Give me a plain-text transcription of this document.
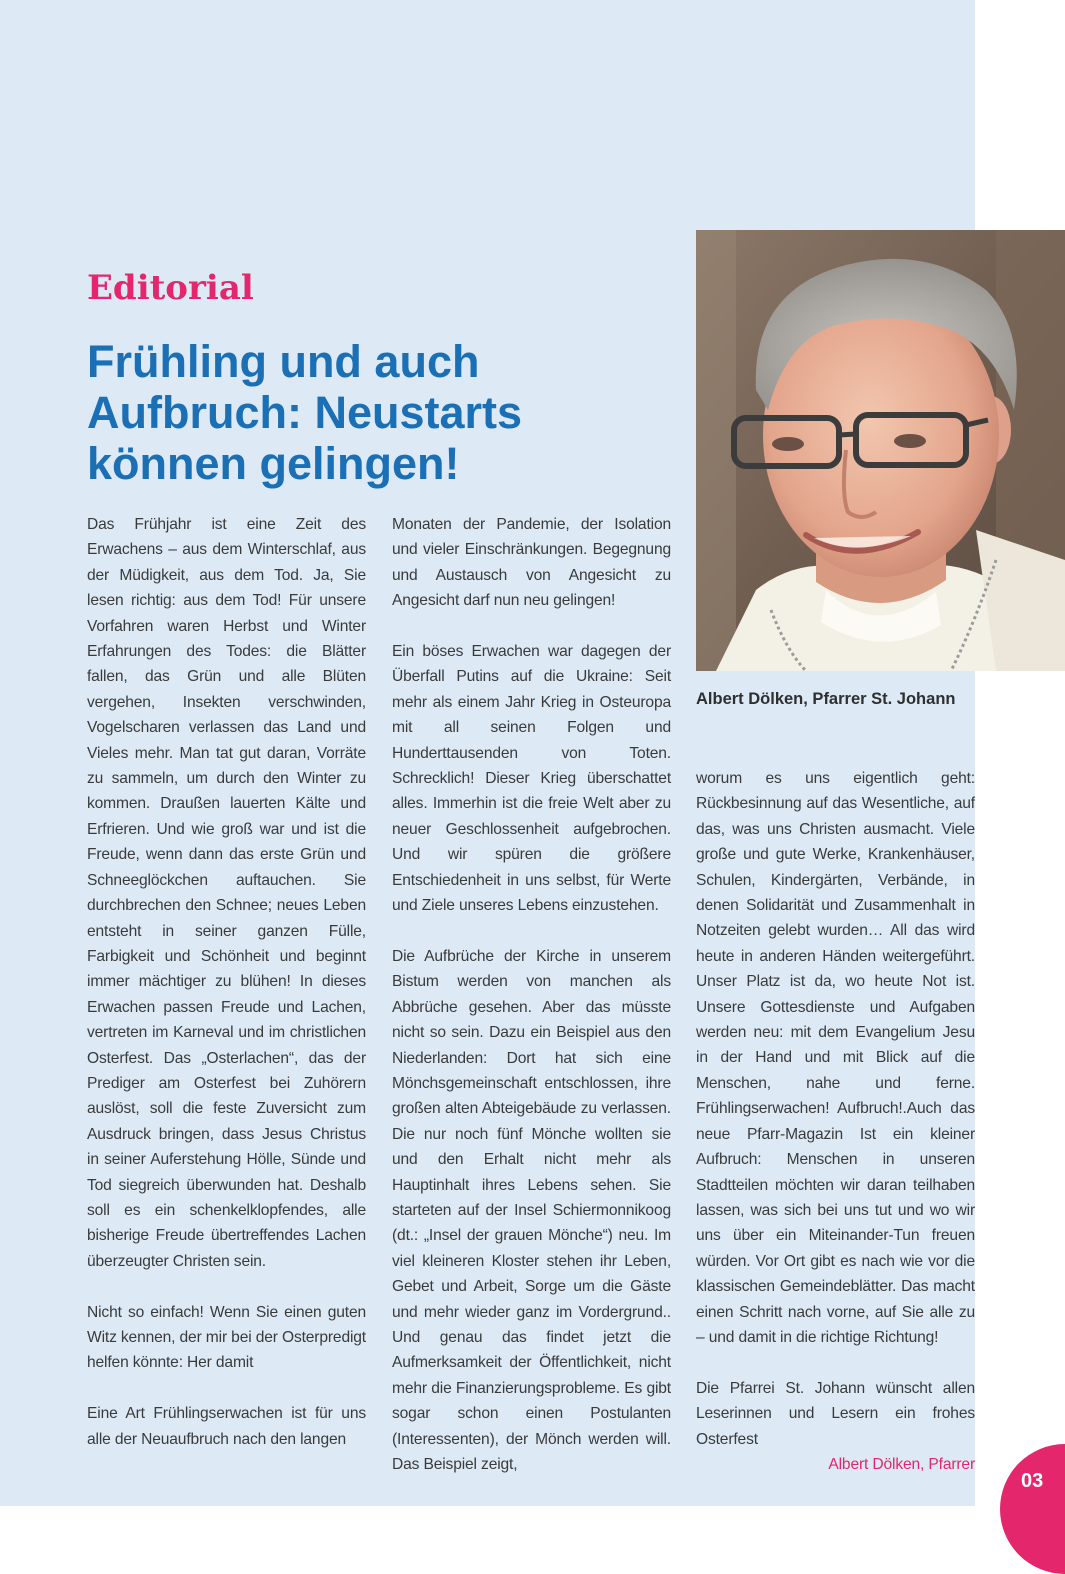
Editorial
Frühling und auch
Aufbruch: Neustarts
können gelingen!

Das Frühjahr ist eine Zeit des Erwachens – aus dem Winterschlaf, aus der Müdigkeit, aus dem Tod. Ja, Sie lesen richtig: aus dem Tod! Für unsere Vorfahren waren Herbst und Winter Erfahrungen des Todes: die Blätter fallen, das Grün und alle Blüten vergehen, Insekten verschwinden, Vogelscharen verlassen das Land und Vieles mehr. Man tat gut daran, Vorräte zu sammeln, um durch den Winter zu kommen. Draußen lauerten Kälte und Erfrieren. Und wie groß war und ist die Freude, wenn dann das erste Grün und Schneeglöckchen auftauchen. Sie durchbrechen den Schnee; neues Leben entsteht in seiner ganzen Fülle, Farbigkeit und Schönheit und beginnt immer mächtiger zu blühen! In dieses Erwachen passen Freude und Lachen, vertreten im Karneval und im christlichen Osterfest. Das „Osterlachen“, das der Prediger am Osterfest bei Zuhörern auslöst, soll die feste Zuversicht zum Ausdruck bringen, dass Jesus Christus in seiner Auferstehung Hölle, Sünde und Tod siegreich überwunden hat. Deshalb soll es ein schenkelklopfendes, alle bisherige Freude übertreffendes Lachen überzeugter Christen sein.

Nicht so einfach! Wenn Sie einen guten Witz kennen, der mir bei der Osterpredigt helfen könnte: Her damit

Eine Art Frühlingserwachen ist für uns alle der Neuaufbruch nach den langen

Monaten der Pandemie, der Isolation und vieler Einschränkungen. Begegnung und Austausch von Angesicht zu Angesicht darf nun neu gelingen!

Ein böses Erwachen war dagegen der Überfall Putins auf die Ukraine: Seit mehr als einem Jahr Krieg in Osteuropa mit all seinen Folgen und Hunderttausenden von Toten. Schrecklich! Dieser Krieg überschattet alles. Immerhin ist die freie Welt aber zu neuer Geschlossenheit aufgebrochen. Und wir spüren die größere Entschiedenheit in uns selbst, für Werte und Ziele unseres Lebens einzustehen.

Die Aufbrüche der Kirche in unserem Bistum werden von manchen als Abbrüche gesehen. Aber das müsste nicht so sein. Dazu ein Beispiel aus den Niederlanden: Dort hat sich eine Mönchsgemeinschaft entschlossen, ihre großen alten Abteigebäude zu verlassen. Die nur noch fünf Mönche wollten sie und den Erhalt nicht mehr als Hauptinhalt ihres Lebens sehen. Sie starteten auf der Insel Schiermonnikoog (dt.: „Insel der grauen Mönche“) neu. Im viel kleineren Kloster stehen ihr Leben, Gebet und Arbeit, Sorge um die Gäste und mehr wieder ganz im Vordergrund.. Und genau das findet jetzt die Aufmerksamkeit der Öffentlichkeit, nicht mehr die Finanzierungsprobleme. Es gibt sogar schon einen Postulanten (Interessenten), der Mönch werden will. Das Beispiel zeigt,

Albert Dölken, Pfarrer St. Johann

worum es uns eigentlich geht: Rückbesinnung auf das Wesentliche, auf das, was uns Christen ausmacht. Viele große und gute Werke, Krankenhäuser, Schulen, Kindergärten, Verbände, in denen Solidarität und Zusammenhalt in Notzeiten gelebt wurden… All das wird heute in anderen Händen weitergeführt. Unser Platz ist da, wo heute Not ist. Unsere Gottesdienste und Aufgaben werden neu: mit dem Evangelium Jesu in der Hand und mit Blick auf die Menschen, nahe und ferne. Frühlingserwachen! Aufbruch!.Auch das neue Pfarr-Magazin Ist ein kleiner Aufbruch: Menschen in unseren Stadtteilen möchten wir daran teilhaben lassen, was sich bei uns tut und wo wir uns über ein Miteinander-Tun freuen würden. Vor Ort gibt es nach wie vor die klassischen Gemeindeblätter. Das macht einen Schritt nach vorne, auf Sie alle zu – und damit in die richtige Richtung!

Die Pfarrei St. Johann wünscht allen Leserinnen und Lesern ein frohes Osterfest

Albert Dölken, Pfarrer
03
